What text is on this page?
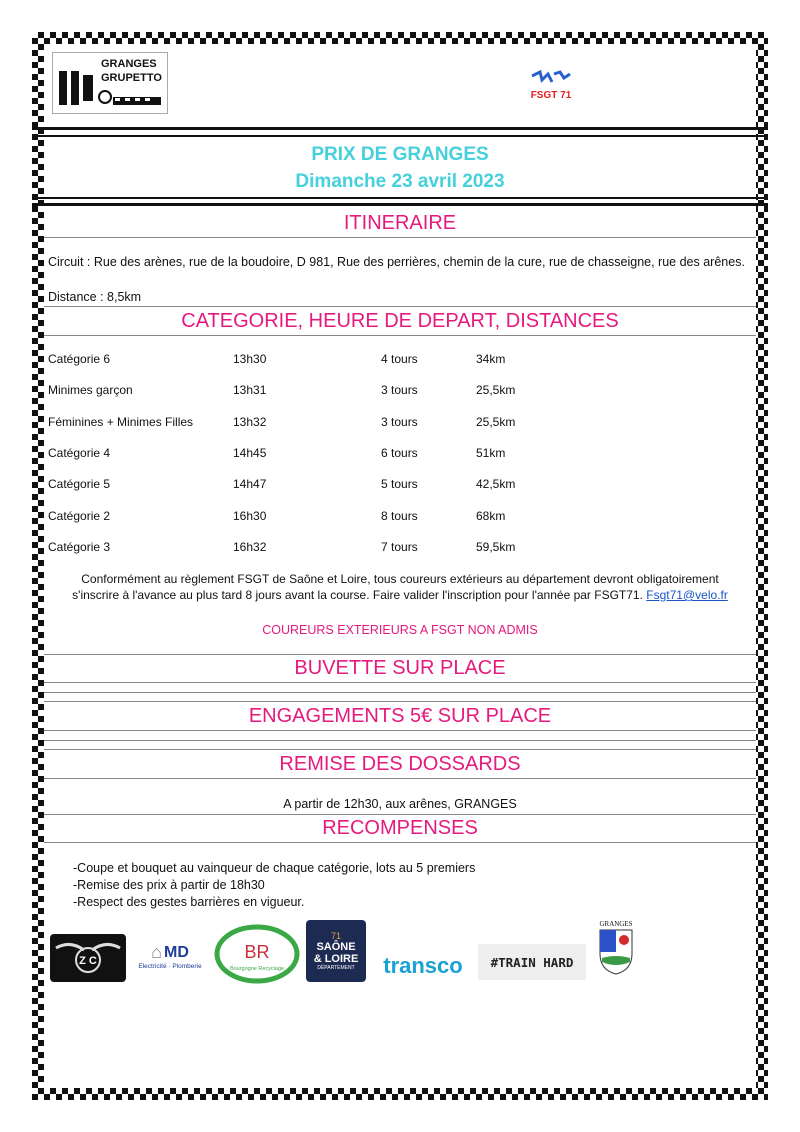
GRANGES
GRUPETTO
FSGT 71
PRIX DE GRANGES
Dimanche 23 avril 2023
ITINERAIRE
Circuit : Rue des arènes, rue de la boudoire, D 981, Rue des perrières, chemin de la cure, rue de chasseigne, rue des arênes.
Distance : 8,5km
CATEGORIE, HEURE DE DEPART, DISTANCES
Catégorie 6	13h30	4 tours	34km
Minimes garçon	13h31	3 tours	25,5km
Féminines + Minimes Filles	13h32	3 tours	25,5km
Catégorie 4	14h45	6 tours	51km
Catégorie 5	14h47	5 tours	42,5km
Catégorie 2	16h30	8 tours	68km
Catégorie 3	16h32	7 tours	59,5km
Conformément au règlement FSGT de Saône et Loire, tous coureurs extérieurs au département devront obligatoirement
s'inscrire à l'avance au plus tard 8 jours avant la course. Faire valider l'inscription pour l'année par FSGT71. Fsgt71@velo.fr
COUREURS EXTERIEURS A FSGT NON ADMIS
BUVETTE SUR PLACE
ENGAGEMENTS 5€ SUR PLACE
REMISE DES DOSSARDS
A partir de 12h30, aux arênes, GRANGES
RECOMPENSES
-Coupe et bouquet au vainqueur de chaque catégorie, lots au 5 premiers
-Remise des prix à partir de 18h30
-Respect des gestes barrières en vigueur.
Z C	⌂ MD
Electricité · Plomberie
BR
Bourgogne Recyclage
71
SAÔNE
& LOIRE
DÉPARTEMENT transco #TRAIN HARD
GRANGES
